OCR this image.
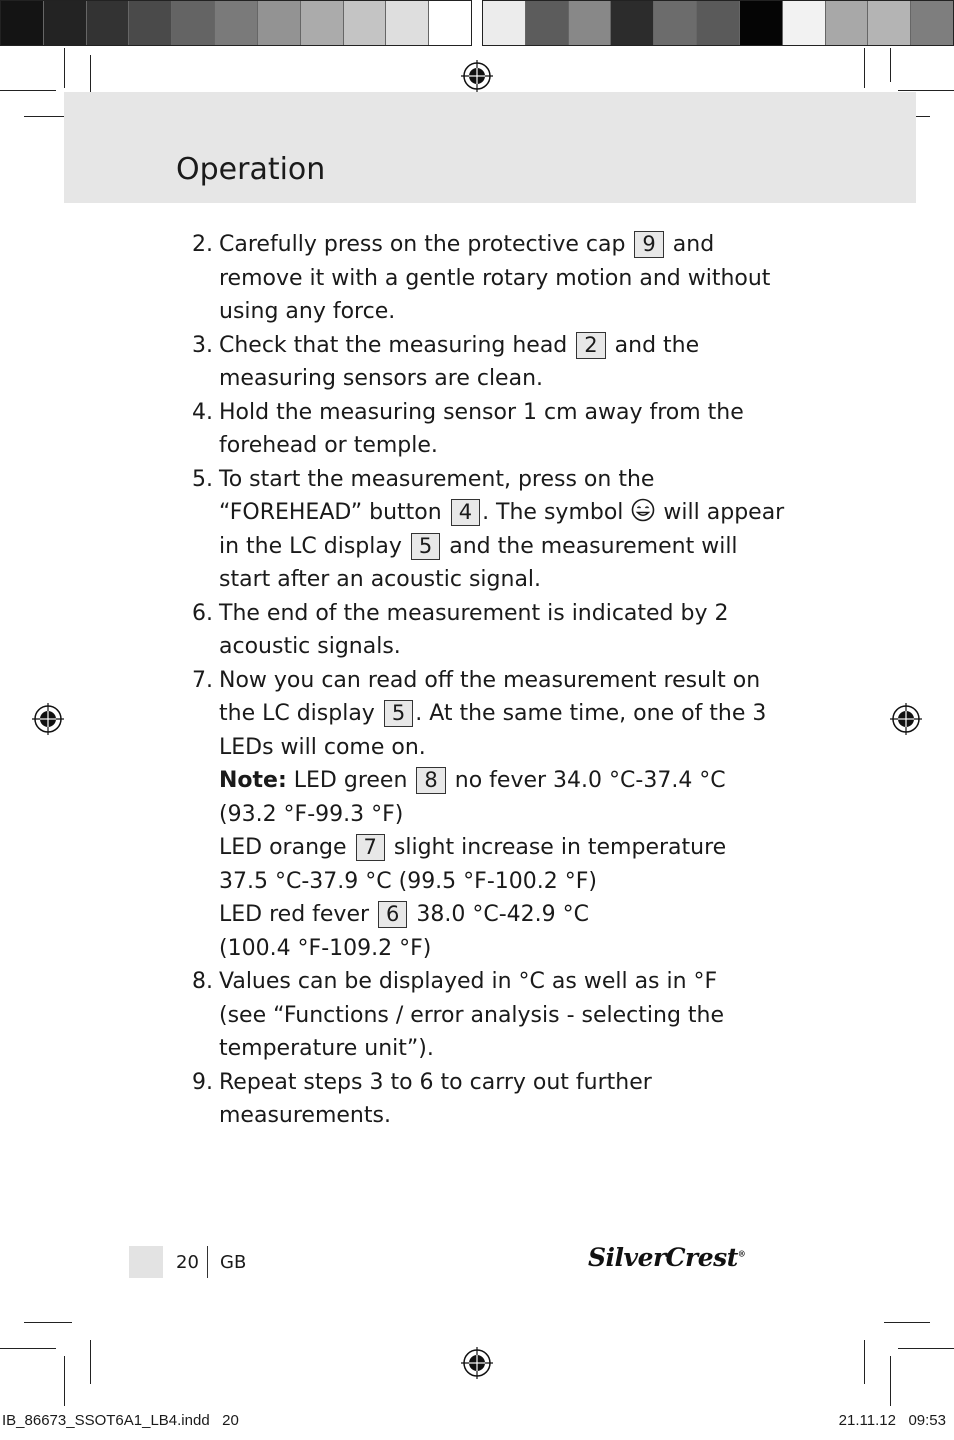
Operation
2. Carefully press on the protective cap 9 and remove it with a gentle rotary motion and without using any force.
3. Check that the measuring head 2 and the measuring sensors are clean.
4. Hold the measuring sensor 1 cm away from the forehead or temple.
5. To start the measurement, press on the “FOREHEAD” button 4 . The symbol will appear in the LC display 5 and the measurement will start after an acoustic signal.
6. The end of the measurement is indicated by 2 acoustic signals.
7. Now you can read off the measurement result on the LC display 5 . At the same time, one of the 3 LEDs will come on.
Note: LED green 8 no fever 34.0 °C-37.4 °C
(93.2 °F-99.3 °F)
LED orange 7 slight increase in temperature
37.5 °C-37.9 °C (99.5 °F-100.2 °F)
LED red fever 6 38.0 °C-42.9 °C
(100.4 °F-109.2 °F)
8. Values can be displayed in °C as well as in °F
(see “Functions / error analysis - selecting the temperature unit”).
9. Repeat steps 3 to 6 to carry out further measurements.
20 GB	SilverCrest®
IB_86673_SSOT6A1_LB4.indd   20	21.11.12   09:53
